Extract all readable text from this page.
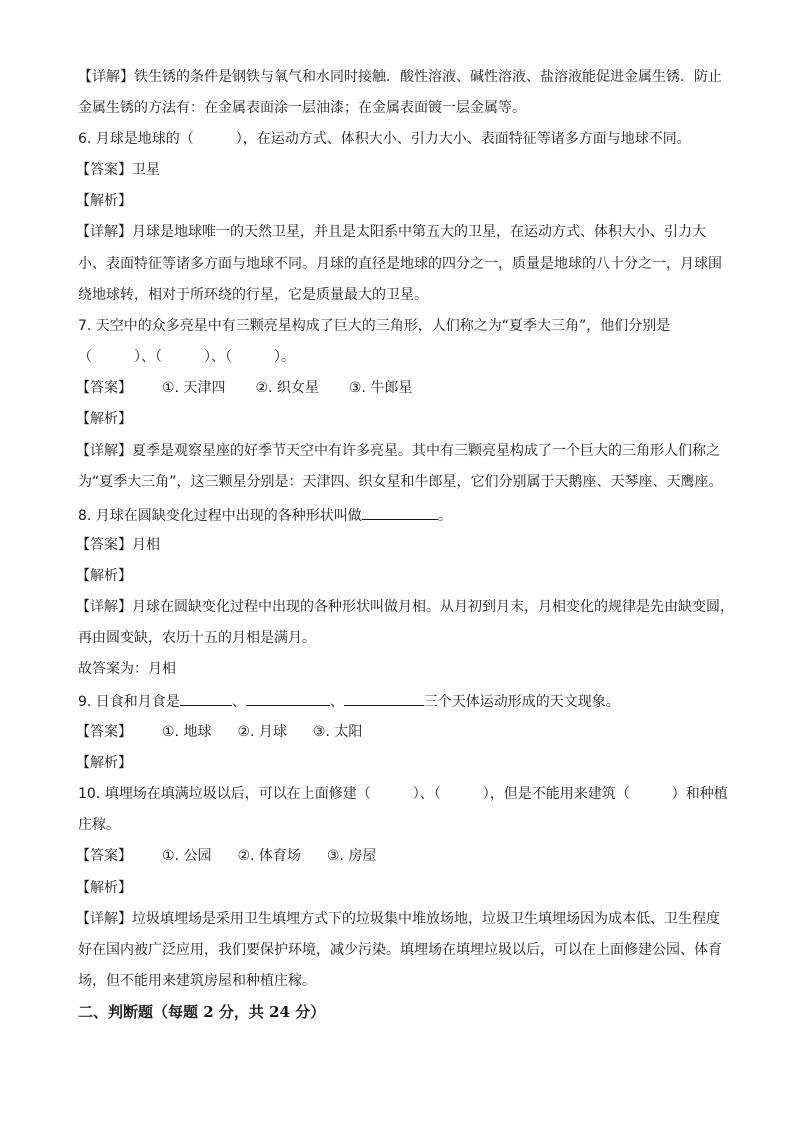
【详解】铁生锈的条件是钢铁与氧气和水同时接触．酸性溶液、碱性溶液、盐溶液能促进金属生锈．防止
金属生锈的方法有：在金属表面涂一层油漆；在金属表面镀一层金属等。
6. 月球是地球的（　　　），在运动方式、体积大小、引力大小、表面特征等诸多方面与地球不同。
【答案】卫星
【解析】
【详解】月球是地球唯一的天然卫星，并且是太阳系中第五大的卫星，在运动方式、体积大小、引力大
小、表面特征等诸多方面与地球不同。月球的直径是地球的四分之一，质量是地球的八十分之一，月球围
绕地球转，相对于所环绕的行星，它是质量最大的卫星。
7. 天空中的众多亮星中有三颗亮星构成了巨大的三角形，人们称之为“夏季大三角”，他们分别是
（　　　）、（　　　）、（　　　）。
【答案】 ①. 天津四 ②. 织女星 ③. 牛郎星
【解析】
【详解】夏季是观察星座的好季节天空中有许多亮星。其中有三颗亮星构成了一个巨大的三角形人们称之
为“夏季大三角”，这三颗星分别是：天津四、织女星和牛郎星，它们分别属于天鹅座、天琴座、天鹰座。
8. 月球在圆缺变化过程中出现的各种形状叫做	。
【答案】月相
【解析】
【详解】月球在圆缺变化过程中出现的各种形状叫做月相。从月初到月末，月相变化的规律是先由缺变圆，
再由圆变缺，农历十五的月相是满月。
故答案为：月相
9. 日食和月食是	、	、	三个天体运动形成的天文现象。
【答案】 ①. 地球 ②. 月球 ③. 太阳
【解析】
10. 填埋场在填满垃圾以后，可以在上面修建（　　　）、（　　　），但是不能用来建筑（　　　）和种植
庄稼。
【答案】 ①. 公园 ②. 体育场 ③. 房屋
【解析】
【详解】垃圾填埋场是采用卫生填埋方式下的垃圾集中堆放场地，垃圾卫生填埋场因为成本低、卫生程度
好在国内被广泛应用，我们要保护环境，减少污染。填埋场在填埋垃圾以后，可以在上面修建公园、体育
场，但不能用来建筑房屋和种植庄稼。
二、判断题（每题 2 分，共 24 分）
